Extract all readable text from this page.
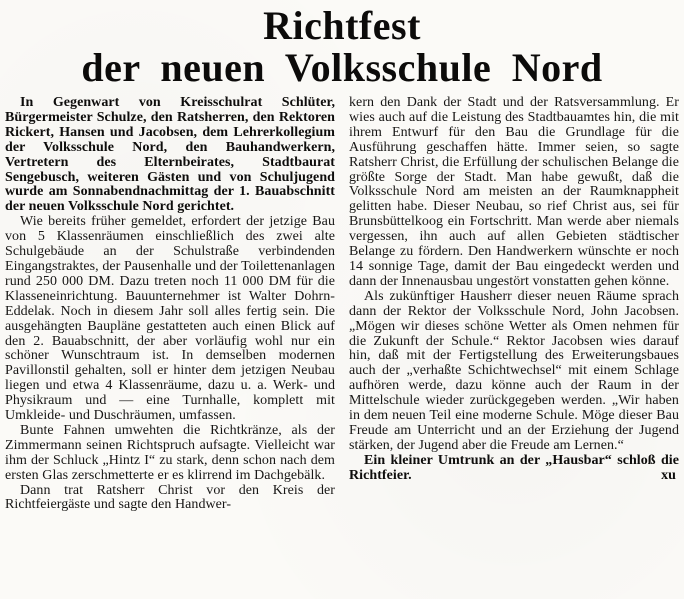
Richtfest
der neuen Volksschule Nord

In Gegenwart von Kreisschulrat Schlüter, Bürgermeister Schulze, den Ratsherren, den Rektoren Rickert, Hansen und Jacobsen, dem Lehrerkollegium der Volksschule Nord, den Bauhandwerkern, Vertretern des Elternbeirates, Stadtbaurat Sengebusch, weiteren Gästen und von Schuljugend wurde am Sonnabendnachmittag der 1. Bauabschnitt der neuen Volksschule Nord gerichtet.

Wie bereits früher gemeldet, erfordert der jetzige Bau von 5 Klassenräumen einschließlich des zwei alte Schulgebäude an der Schulstraße verbindenden Eingangstraktes, der Pausenhalle und der Toilettenanlagen rund 250 000 DM. Dazu treten noch 11 000 DM für die Klasseneinrichtung. Bauunternehmer ist Walter Dohrn-Eddelak. Noch in diesem Jahr soll alles fertig sein. Die ausgehängten Baupläne gestatteten auch einen Blick auf den 2. Bauabschnitt, der aber vorläufig wohl nur ein schöner Wunschtraum ist. In demselben modernen Pavillonstil gehalten, soll er hinter dem jetzigen Neubau liegen und etwa 4 Klassenräume, dazu u. a. Werk- und Physikraum und — eine Turnhalle, komplett mit Umkleide- und Duschräumen, umfassen.

Bunte Fahnen umwehten die Richtkränze, als der Zimmermann seinen Richtspruch aufsagte. Vielleicht war ihm der Schluck „Hintz I“ zu stark, denn schon nach dem ersten Glas zerschmetterte er es klirrend im Dachgebälk.

Dann trat Ratsherr Christ vor den Kreis der Richtfeiergäste und sagte den Handwer-

kern den Dank der Stadt und der Ratsversammlung. Er wies auch auf die Leistung des Stadtbauamtes hin, die mit ihrem Entwurf für den Bau die Grundlage für die Ausführung geschaffen hätte. Immer seien, so sagte Ratsherr Christ, die Erfüllung der schulischen Belange die größte Sorge der Stadt. Man habe gewußt, daß die Volksschule Nord am meisten an der Raumknappheit gelitten habe. Dieser Neubau, so rief Christ aus, sei für Brunsbüttelkoog ein Fortschritt. Man werde aber niemals vergessen, ihn auch auf allen Gebieten städtischer Belange zu fördern. Den Handwerkern wünschte er noch 14 sonnige Tage, damit der Bau eingedeckt werden und dann der Innenausbau ungestört vonstatten gehen könne.

Als zukünftiger Hausherr dieser neuen Räume sprach dann der Rektor der Volksschule Nord, John Jacobsen. „Mögen wir dieses schöne Wetter als Omen nehmen für die Zukunft der Schule.“ Rektor Jacobsen wies darauf hin, daß mit der Fertigstellung des Erweiterungsbaues auch der „verhaßte Schichtwechsel“ mit einem Schlage aufhören werde, dazu könne auch der Raum in der Mittelschule wieder zurückgegeben werden. „Wir haben in dem neuen Teil eine moderne Schule. Möge dieser Bau Freude am Unterricht und an der Erziehung der Jugend stärken, der Jugend aber die Freude am Lernen.“

Ein kleiner Umtrunk an der „Hausbar“ schloß die Richtfeier.	xu
